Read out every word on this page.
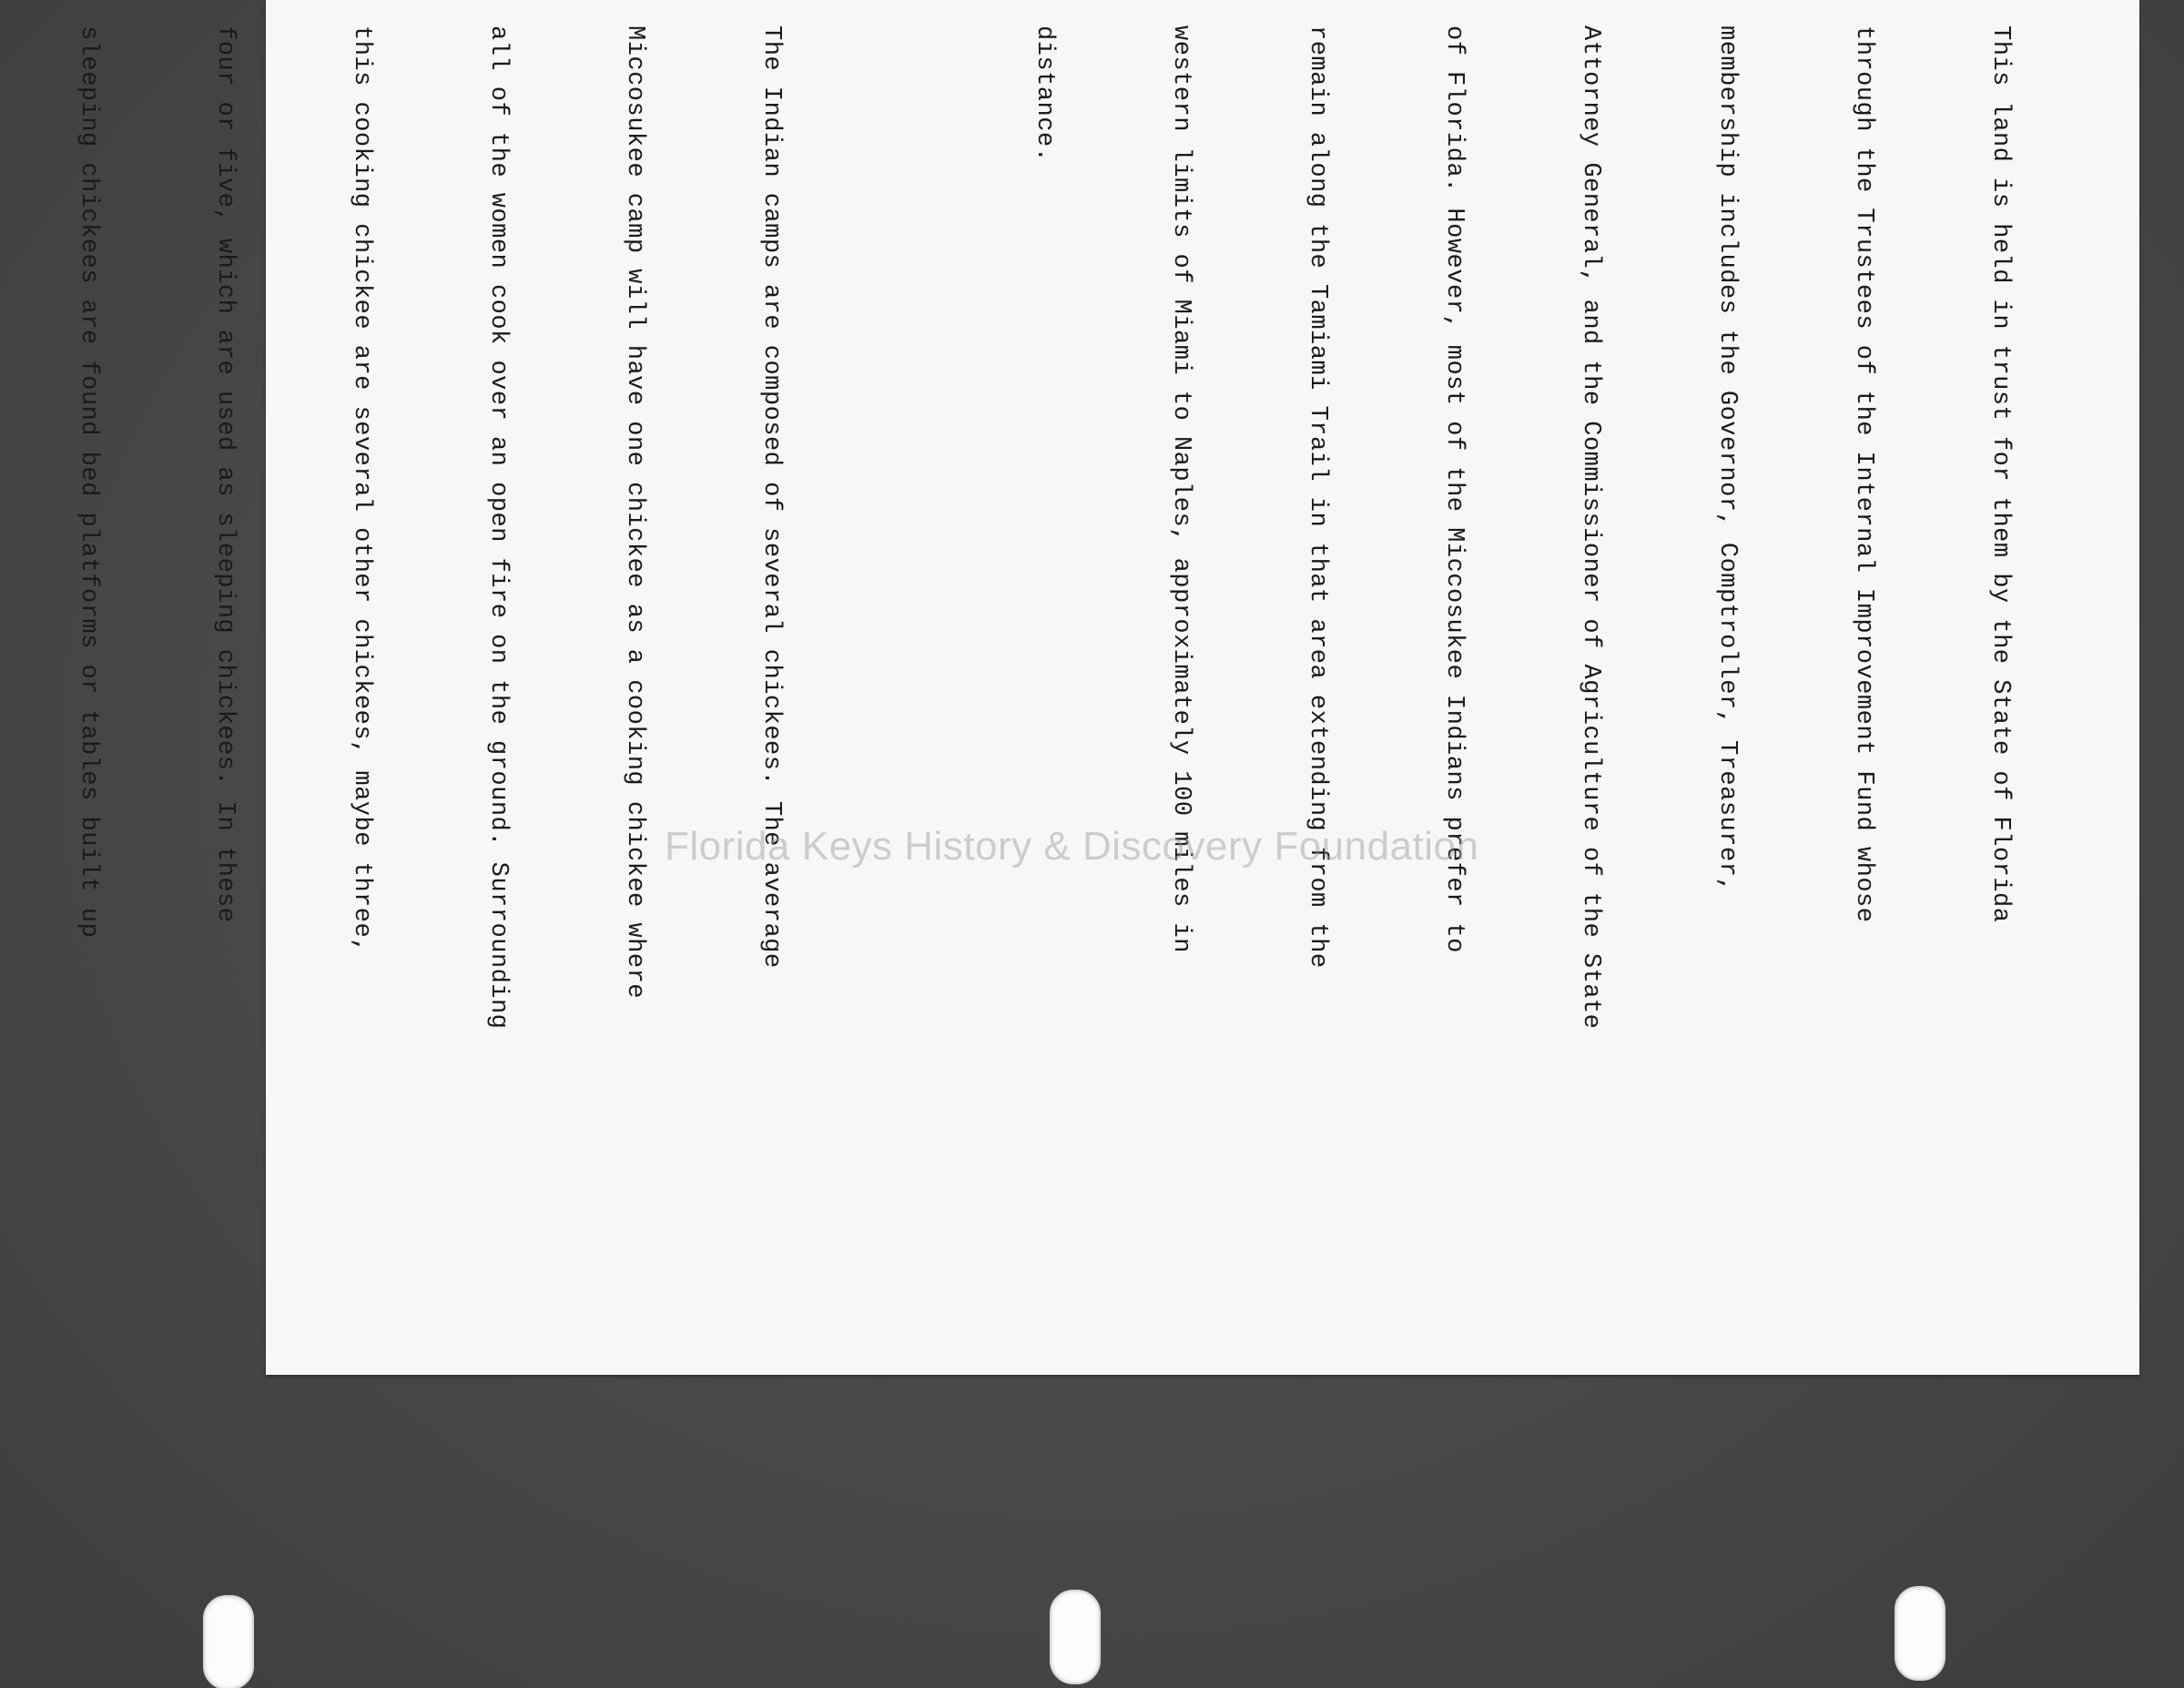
This land is held in trust for them by the State of Florida

through the Trustees of the Internal Improvement Fund whose

membership includes the Governor, Comptroller, Treasurer,

Attorney General, and the Commissioner of Agriculture of the State

of Florida. However, most of the Miccosukee Indians prefer to

remain along the Tamiami Trail in that area extending from the

western limits of Miami to Naples, approximately 100 miles in

distance.

The Indian camps are composed of several chickees. The average

Miccosukee camp will have one chickee as a cooking chickee where

all of the women cook over an open fire on the ground. Surrounding

this cooking chickee are several other chickees, maybe three,

four or five, which are used as sleeping chickees. In these

sleeping chickees are found bed platforms or tables built up

	Florida Keys History & Discovery Foundation
